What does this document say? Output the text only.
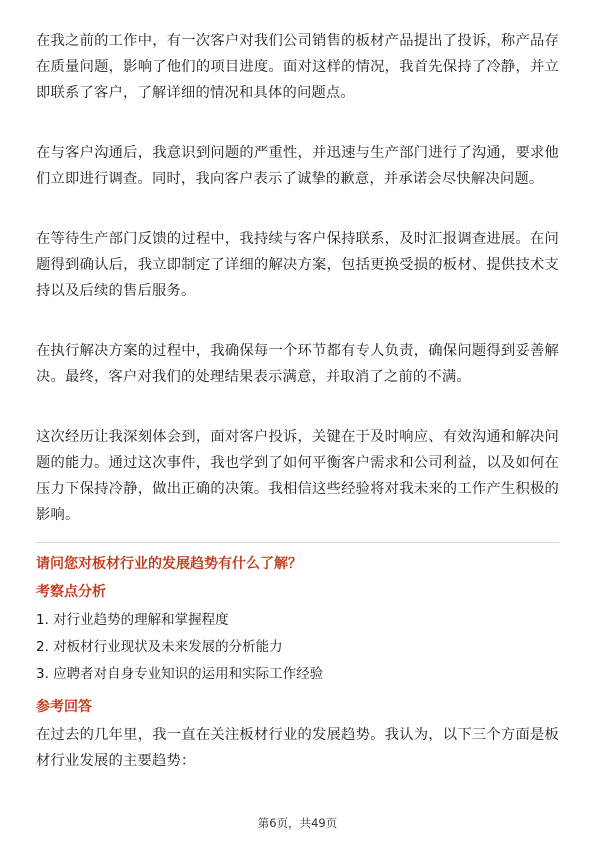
在我之前的工作中，有一次客户对我们公司销售的板材产品提出了投诉，称产品存在质量问题，影响了他们的项目进度。面对这样的情况，我首先保持了冷静，并立即联系了客户，了解详细的情况和具体的问题点。

在与客户沟通后，我意识到问题的严重性，并迅速与生产部门进行了沟通，要求他们立即进行调查。同时，我向客户表示了诚挚的歉意，并承诺会尽快解决问题。

在等待生产部门反馈的过程中，我持续与客户保持联系，及时汇报调查进展。在问题得到确认后，我立即制定了详细的解决方案，包括更换受损的板材、提供技术支持以及后续的售后服务。

在执行解决方案的过程中，我确保每一个环节都有专人负责，确保问题得到妥善解决。最终，客户对我们的处理结果表示满意，并取消了之前的不满。

这次经历让我深刻体会到，面对客户投诉，关键在于及时响应、有效沟通和解决问题的能力。通过这次事件，我也学到了如何平衡客户需求和公司利益，以及如何在压力下保持冷静，做出正确的决策。我相信这些经验将对我未来的工作产生积极的影响。

请问您对板材行业的发展趋势有什么了解？
考察点分析

1. 对行业趋势的理解和掌握程度

2. 对板材行业现状及未来发展的分析能力

3. 应聘者对自身专业知识的运用和实际工作经验

参考回答

在过去的几年里，我一直在关注板材行业的发展趋势。我认为，以下三个方面是板材行业发展的主要趋势：

第6页，共49页
